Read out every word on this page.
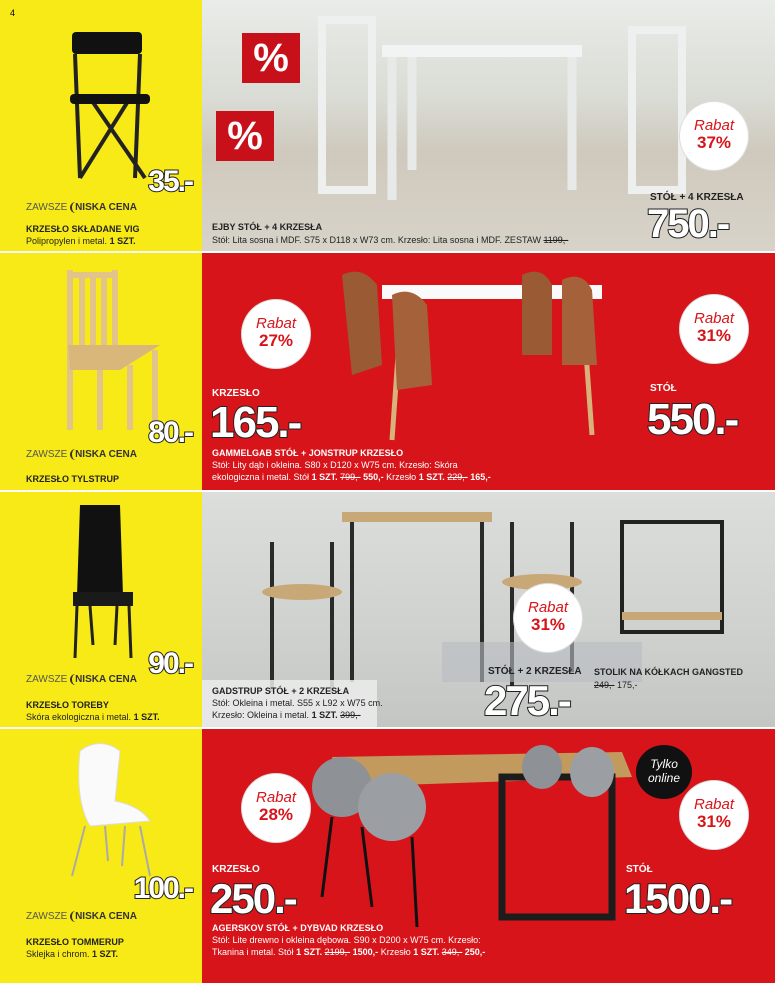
4
35.-
ZAWSZE NISKA CENA
KRZESŁO SKŁADANE VIG
Polipropylen i metal. 1 SZT.
%
%	Rabat
37%
STÓŁ + 4 KRZESŁA
750.-
EJBY STÓŁ + 4 KRZESŁA
Stół: Lita sosna i MDF. S75 x D118 x W73 cm. Krzesło: Lita sosna i MDF. ZESTAW 1199,-
80.-
ZAWSZE NISKA CENA
KRZESŁO TYLSTRUP
Rabat
27%
Rabat
31%
KRZESŁO
165.-
STÓŁ
550.-
GAMMELGAB STÓŁ + JONSTRUP KRZESŁO
Stół: Lity dąb i okleina. S80 x D120 x W75 cm. Krzesło: Skóra
ekologiczna i metal. Stół 1 SZT. 799,- 550,- Krzesło 1 SZT. 229,- 165,-
90.-
ZAWSZE NISKA CENA
KRZESŁO TOREBY
Skóra ekologiczna i metal. 1 SZT.
Rabat
31%
STÓŁ + 2 KRZESŁA
275.-
STOLIK NA KÓŁKACH GANGSTED
249,- 175,-
GADSTRUP STÓŁ + 2 KRZESŁA
Stół: Okleina i metal. S55 x L92 x W75 cm.
Krzesło: Okleina i metal. 1 SZT. 399,-
100.-
ZAWSZE NISKA CENA
KRZESŁO TOMMERUP
Sklejka i chrom. 1 SZT.
Tylko online
Rabat
28%
Rabat
31%
KRZESŁO
250.-
STÓŁ
1500.-
AGERSKOV STÓŁ + DYBVAD KRZESŁO
Stół: Lite drewno i okleina dębowa. S90 x D200 x W75 cm. Krzesło:
Tkanina i metal. Stół 1 SZT. 2199,- 1500,- Krzesło 1 SZT. 349,- 250,-
